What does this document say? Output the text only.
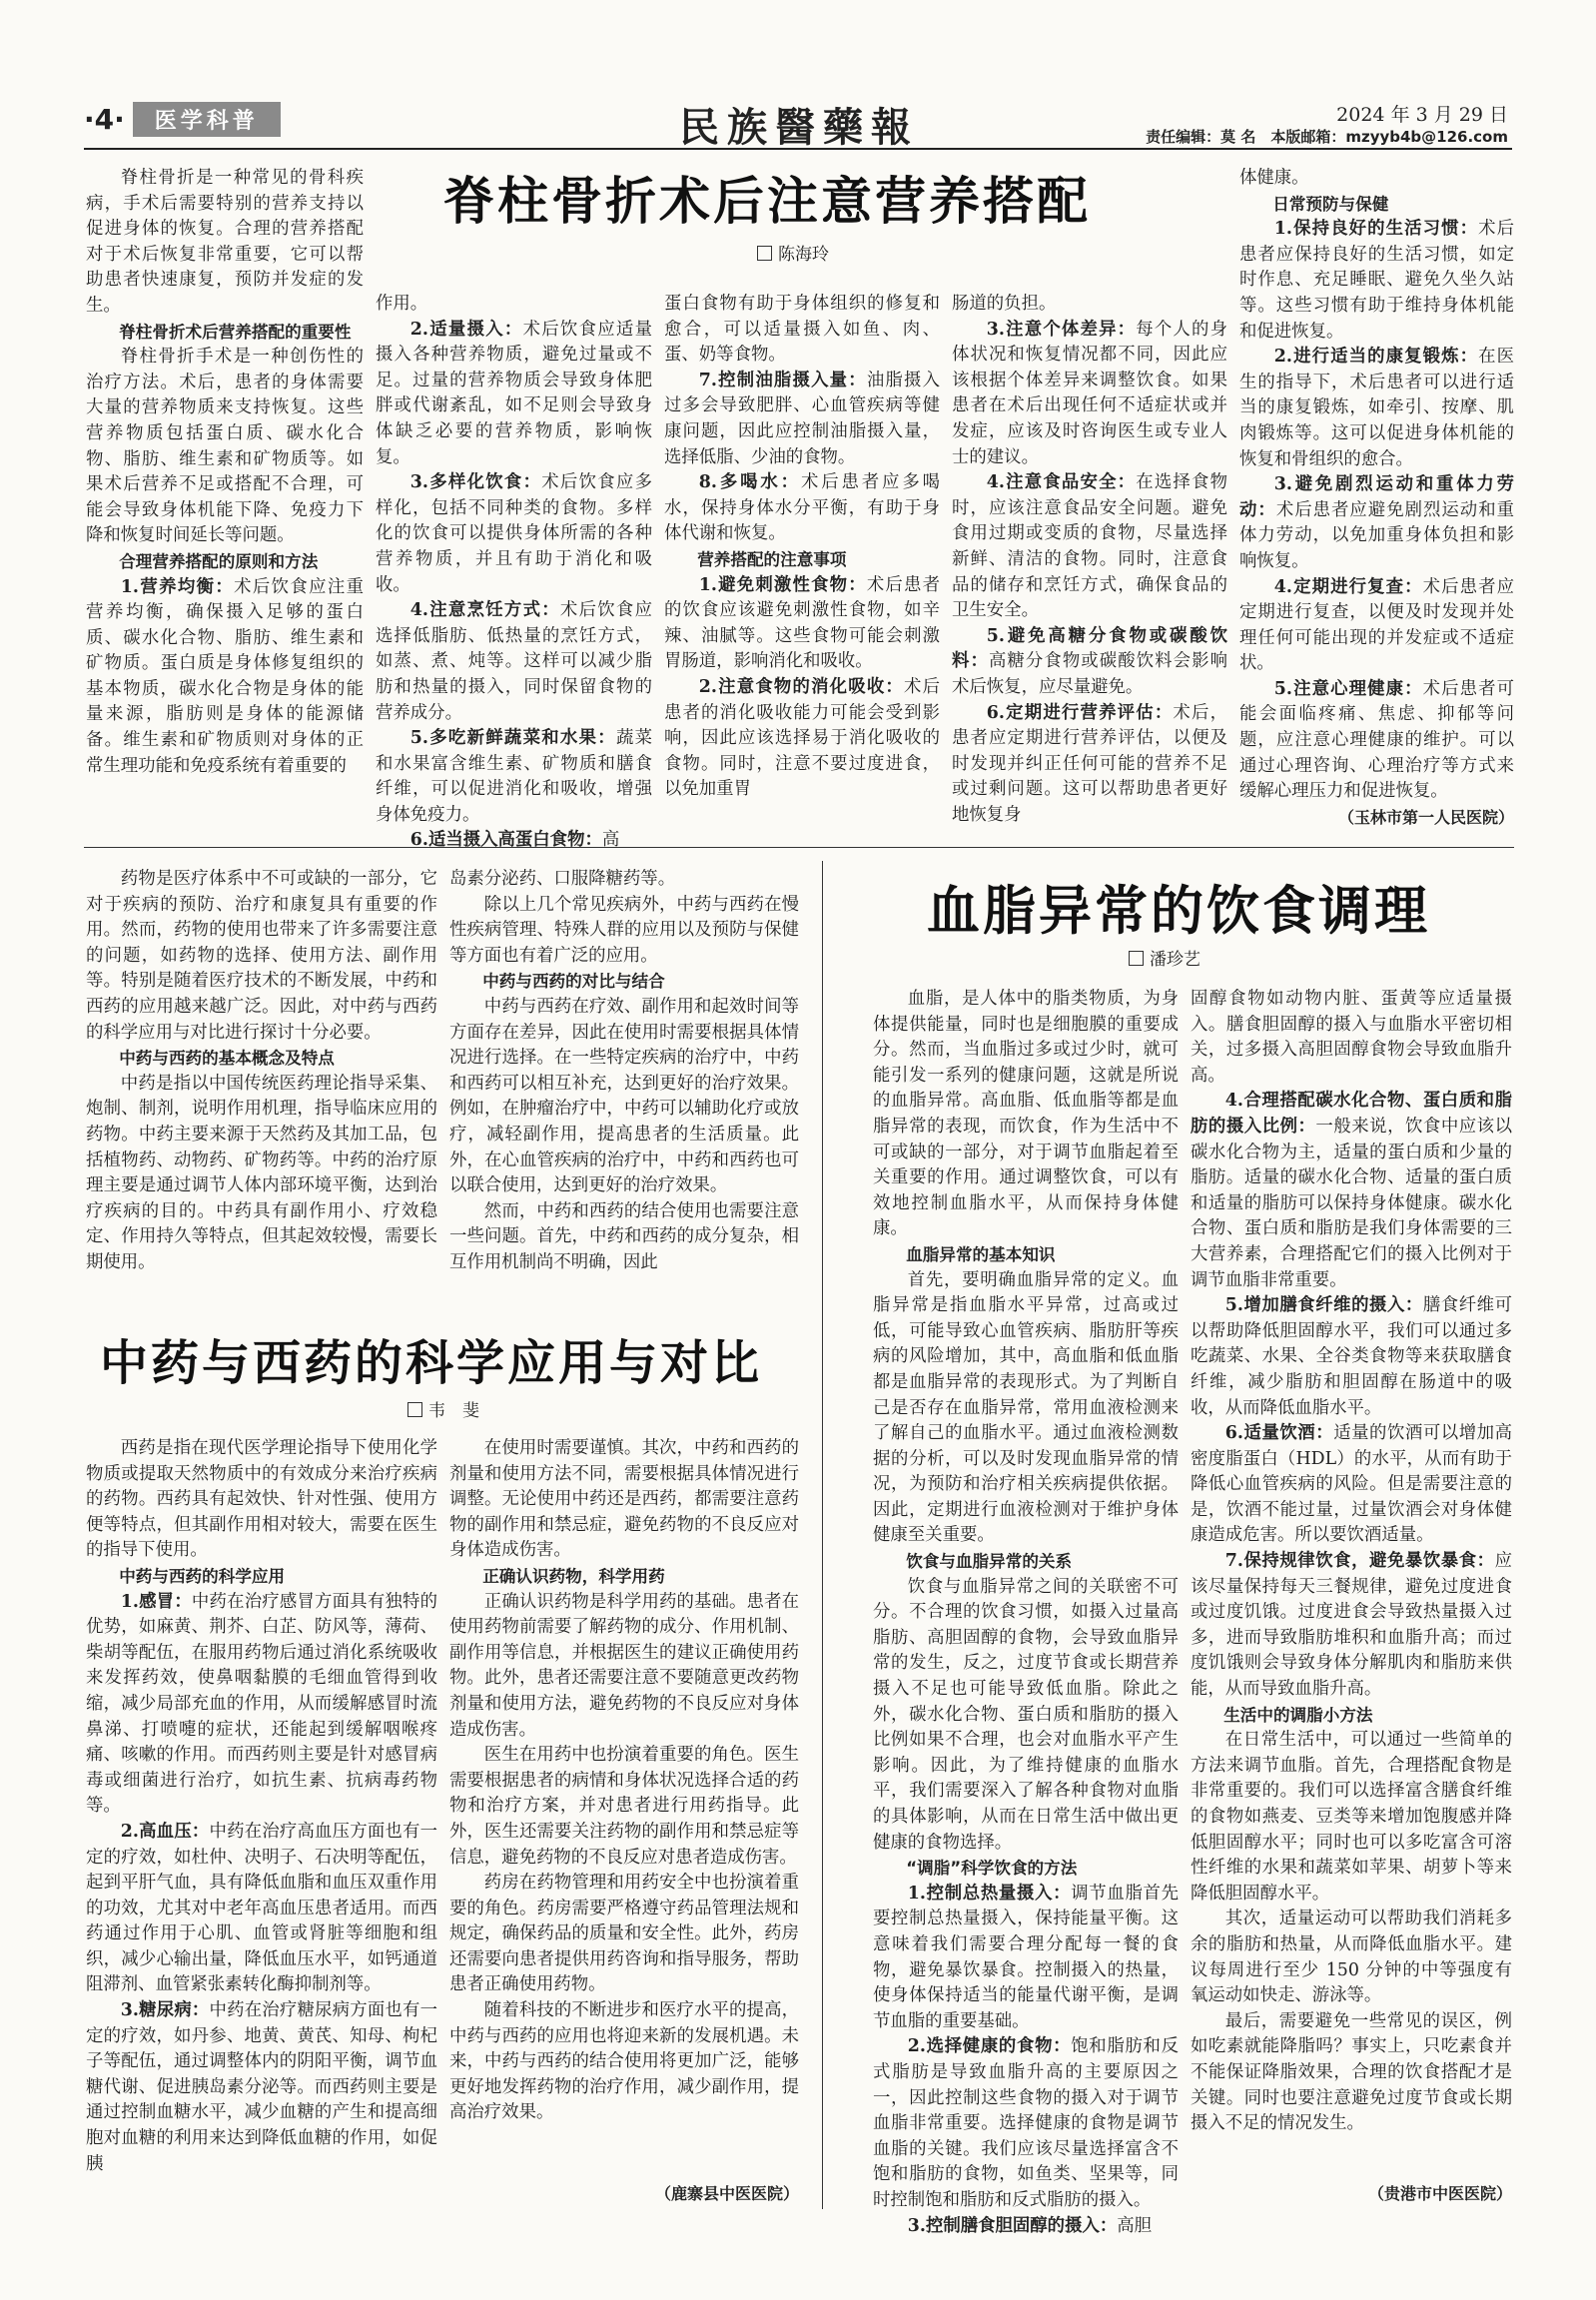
·4·	医学科普	民族醫藥報	2024 年 3 月 29 日
责任编辑：莫 名　本版邮箱：mzyyb4b@126.com
脊柱骨折术后注意营养搭配
陈海玲

脊柱骨折是一种常见的骨科疾病，手术后需要特别的营养支持以促进身体的恢复。合理的营养搭配对于术后恢复非常重要，它可以帮助患者快速康复，预防并发症的发生。

脊柱骨折术后营养搭配的重要性

脊柱骨折手术是一种创伤性的治疗方法。术后，患者的身体需要大量的营养物质来支持恢复。这些营养物质包括蛋白质、碳水化合物、脂肪、维生素和矿物质等。如果术后营养不足或搭配不合理，可能会导致身体机能下降、免疫力下降和恢复时间延长等问题。

合理营养搭配的原则和方法

1.营养均衡：术后饮食应注重营养均衡，确保摄入足够的蛋白质、碳水化合物、脂肪、维生素和矿物质。蛋白质是身体修复组织的基本物质，碳水化合物是身体的能量来源，脂肪则是身体的能源储备。维生素和矿物质则对身体的正常生理功能和免疫系统有着重要的

作用。

2.适量摄入：术后饮食应适量摄入各种营养物质，避免过量或不足。过量的营养物质会导致身体肥胖或代谢紊乱，如不足则会导致身体缺乏必要的营养物质，影响恢复。

3.多样化饮食：术后饮食应多样化，包括不同种类的食物。多样化的饮食可以提供身体所需的各种营养物质，并且有助于消化和吸收。

4.注意烹饪方式：术后饮食应选择低脂肪、低热量的烹饪方式，如蒸、煮、炖等。这样可以减少脂肪和热量的摄入，同时保留食物的营养成分。

5.多吃新鲜蔬菜和水果：蔬菜和水果富含维生素、矿物质和膳食纤维，可以促进消化和吸收，增强身体免疫力。

6.适当摄入高蛋白食物：高

蛋白食物有助于身体组织的修复和愈合，可以适量摄入如鱼、肉、蛋、奶等食物。

7.控制油脂摄入量：油脂摄入过多会导致肥胖、心血管疾病等健康问题，因此应控制油脂摄入量，选择低脂、少油的食物。

8.多喝水：术后患者应多喝水，保持身体水分平衡，有助于身体代谢和恢复。

营养搭配的注意事项

1.避免刺激性食物：术后患者的饮食应该避免刺激性食物，如辛辣、油腻等。这些食物可能会刺激胃肠道，影响消化和吸收。

2.注意食物的消化吸收：术后患者的消化吸收能力可能会受到影响，因此应该选择易于消化吸收的食物。同时，注意不要过度进食，以免加重胃

肠道的负担。

3.注意个体差异：每个人的身体状况和恢复情况都不同，因此应该根据个体差异来调整饮食。如果患者在术后出现任何不适症状或并发症，应该及时咨询医生或专业人士的建议。

4.注意食品安全：在选择食物时，应该注意食品安全问题。避免食用过期或变质的食物，尽量选择新鲜、清洁的食物。同时，注意食品的储存和烹饪方式，确保食品的卫生安全。

5.避免高糖分食物或碳酸饮料：高糖分食物或碳酸饮料会影响术后恢复，应尽量避免。

6.定期进行营养评估：术后，患者应定期进行营养评估，以便及时发现并纠正任何可能的营养不足或过剩问题。这可以帮助患者更好地恢复身

体健康。

日常预防与保健

1.保持良好的生活习惯：术后患者应保持良好的生活习惯，如定时作息、充足睡眠、避免久坐久站等。这些习惯有助于维持身体机能和促进恢复。

2.进行适当的康复锻炼：在医生的指导下，术后患者可以进行适当的康复锻炼，如牵引、按摩、肌肉锻炼等。这可以促进身体机能的恢复和骨组织的愈合。

3.避免剧烈运动和重体力劳动：术后患者应避免剧烈运动和重体力劳动，以免加重身体负担和影响恢复。

4.定期进行复查：术后患者应定期进行复查，以便及时发现并处理任何可能出现的并发症或不适症状。

5.注意心理健康：术后患者可能会面临疼痛、焦虑、抑郁等问题，应注意心理健康的维护。可以通过心理咨询、心理治疗等方式来缓解心理压力和促进恢复。

（玉林市第一人民医院）

药物是医疗体系中不可或缺的一部分，它对于疾病的预防、治疗和康复具有重要的作用。然而，药物的使用也带来了许多需要注意的问题，如药物的选择、使用方法、副作用等。特别是随着医疗技术的不断发展，中药和西药的应用越来越广泛。因此，对中药与西药的科学应用与对比进行探讨十分必要。

中药与西药的基本概念及特点

中药是指以中国传统医药理论指导采集、炮制、制剂，说明作用机理，指导临床应用的药物。中药主要来源于天然药及其加工品，包括植物药、动物药、矿物药等。中药的治疗原理主要是通过调节人体内部环境平衡，达到治疗疾病的目的。中药具有副作用小、疗效稳定、作用持久等特点，但其起效较慢，需要长期使用。

岛素分泌药、口服降糖药等。

除以上几个常见疾病外，中药与西药在慢性疾病管理、特殊人群的应用以及预防与保健等方面也有着广泛的应用。

中药与西药的对比与结合

中药与西药在疗效、副作用和起效时间等方面存在差异，因此在使用时需要根据具体情况进行选择。在一些特定疾病的治疗中，中药和西药可以相互补充，达到更好的治疗效果。例如，在肿瘤治疗中，中药可以辅助化疗或放疗，减轻副作用，提高患者的生活质量。此外，在心血管疾病的治疗中，中药和西药也可以联合使用，达到更好的治疗效果。

然而，中药和西药的结合使用也需要注意一些问题。首先，中药和西药的成分复杂，相互作用机制尚不明确，因此

中药与西药的科学应用与对比
韦　斐

西药是指在现代医学理论指导下使用化学物质或提取天然物质中的有效成分来治疗疾病的药物。西药具有起效快、针对性强、使用方便等特点，但其副作用相对较大，需要在医生的指导下使用。

中药与西药的科学应用

1.感冒：中药在治疗感冒方面具有独特的优势，如麻黄、荆芥、白芷、防风等，薄荷、柴胡等配伍，在服用药物后通过消化系统吸收来发挥药效，使鼻咽黏膜的毛细血管得到收缩，减少局部充血的作用，从而缓解感冒时流鼻涕、打喷嚏的症状，还能起到缓解咽喉疼痛、咳嗽的作用。而西药则主要是针对感冒病毒或细菌进行治疗，如抗生素、抗病毒药物等。

2.高血压：中药在治疗高血压方面也有一定的疗效，如杜仲、决明子、石决明等配伍，起到平肝气血，具有降低血脂和血压双重作用的功效，尤其对中老年高血压患者适用。而西药通过作用于心肌、血管或肾脏等细胞和组织，减少心输出量，降低血压水平，如钙通道阻滞剂、血管紧张素转化酶抑制剂等。

3.糖尿病：中药在治疗糖尿病方面也有一定的疗效，如丹参、地黄、黄芪、知母、枸杞子等配伍，通过调整体内的阴阳平衡，调节血糖代谢、促进胰岛素分泌等。而西药则主要是通过控制血糖水平，减少血糖的产生和提高细胞对血糖的利用来达到降低血糖的作用，如促胰

在使用时需要谨慎。其次，中药和西药的剂量和使用方法不同，需要根据具体情况进行调整。无论使用中药还是西药，都需要注意药物的副作用和禁忌症，避免药物的不良反应对身体造成伤害。

正确认识药物，科学用药

正确认识药物是科学用药的基础。患者在使用药物前需要了解药物的成分、作用机制、副作用等信息，并根据医生的建议正确使用药物。此外，患者还需要注意不要随意更改药物剂量和使用方法，避免药物的不良反应对身体造成伤害。

医生在用药中也扮演着重要的角色。医生需要根据患者的病情和身体状况选择合适的药物和治疗方案，并对患者进行用药指导。此外，医生还需要关注药物的副作用和禁忌症等信息，避免药物的不良反应对患者造成伤害。

药房在药物管理和用药安全中也扮演着重要的角色。药房需要严格遵守药品管理法规和规定，确保药品的质量和安全性。此外，药房还需要向患者提供用药咨询和指导服务，帮助患者正确使用药物。

随着科技的不断进步和医疗水平的提高，中药与西药的应用也将迎来新的发展机遇。未来，中药与西药的结合使用将更加广泛，能够更好地发挥药物的治疗作用，减少副作用，提高治疗效果。

（鹿寨县中医医院）
血脂异常的饮食调理
潘珍艺

血脂，是人体中的脂类物质，为身体提供能量，同时也是细胞膜的重要成分。然而，当血脂过多或过少时，就可能引发一系列的健康问题，这就是所说的血脂异常。高血脂、低血脂等都是血脂异常的表现，而饮食，作为生活中不可或缺的一部分，对于调节血脂起着至关重要的作用。通过调整饮食，可以有效地控制血脂水平，从而保持身体健康。

血脂异常的基本知识

首先，要明确血脂异常的定义。血脂异常是指血脂水平异常，过高或过低，可能导致心血管疾病、脂肪肝等疾病的风险增加，其中，高血脂和低血脂都是血脂异常的表现形式。为了判断自己是否存在血脂异常，常用血液检测来了解自己的血脂水平。通过血液检测数据的分析，可以及时发现血脂异常的情况，为预防和治疗相关疾病提供依据。因此，定期进行血液检测对于维护身体健康至关重要。

饮食与血脂异常的关系

饮食与血脂异常之间的关联密不可分。不合理的饮食习惯，如摄入过量高脂肪、高胆固醇的食物，会导致血脂异常的发生，反之，过度节食或长期营养摄入不足也可能导致低血脂。除此之外，碳水化合物、蛋白质和脂肪的摄入比例如果不合理，也会对血脂水平产生影响。因此，为了维持健康的血脂水平，我们需要深入了解各种食物对血脂的具体影响，从而在日常生活中做出更健康的食物选择。

“调脂”科学饮食的方法

1.控制总热量摄入：调节血脂首先要控制总热量摄入，保持能量平衡。这意味着我们需要合理分配每一餐的食物，避免暴饮暴食。控制摄入的热量，使身体保持适当的能量代谢平衡，是调节血脂的重要基础。

2.选择健康的食物：饱和脂肪和反式脂肪是导致血脂升高的主要原因之一，因此控制这些食物的摄入对于调节血脂非常重要。选择健康的食物是调节血脂的关键。我们应该尽量选择富含不饱和脂肪的食物，如鱼类、坚果等，同时控制饱和脂肪和反式脂肪的摄入。

3.控制膳食胆固醇的摄入：高胆

固醇食物如动物内脏、蛋黄等应适量摄入。膳食胆固醇的摄入与血脂水平密切相关，过多摄入高胆固醇食物会导致血脂升高。

4.合理搭配碳水化合物、蛋白质和脂肪的摄入比例：一般来说，饮食中应该以碳水化合物为主，适量的蛋白质和少量的脂肪。适量的碳水化合物、适量的蛋白质和适量的脂肪可以保持身体健康。碳水化合物、蛋白质和脂肪是我们身体需要的三大营养素，合理搭配它们的摄入比例对于调节血脂非常重要。

5.增加膳食纤维的摄入：膳食纤维可以帮助降低胆固醇水平，我们可以通过多吃蔬菜、水果、全谷类食物等来获取膳食纤维，减少脂肪和胆固醇在肠道中的吸收，从而降低血脂水平。

6.适量饮酒：适量的饮酒可以增加高密度脂蛋白（HDL）的水平，从而有助于降低心血管疾病的风险。但是需要注意的是，饮酒不能过量，过量饮酒会对身体健康造成危害。所以要饮酒适量。

7.保持规律饮食，避免暴饮暴食：应该尽量保持每天三餐规律，避免过度进食或过度饥饿。过度进食会导致热量摄入过多，进而导致脂肪堆积和血脂升高；而过度饥饿则会导致身体分解肌肉和脂肪来供能，从而导致血脂升高。

生活中的调脂小方法

在日常生活中，可以通过一些简单的方法来调节血脂。首先，合理搭配食物是非常重要的。我们可以选择富含膳食纤维的食物如燕麦、豆类等来增加饱腹感并降低胆固醇水平；同时也可以多吃富含可溶性纤维的水果和蔬菜如苹果、胡萝卜等来降低胆固醇水平。

其次，适量运动可以帮助我们消耗多余的脂肪和热量，从而降低血脂水平。建议每周进行至少 150 分钟的中等强度有氧运动如快走、游泳等。

最后，需要避免一些常见的误区，例如吃素就能降脂吗？事实上，只吃素食并不能保证降脂效果，合理的饮食搭配才是关键。同时也要注意避免过度节食或长期摄入不足的情况发生。

（贵港市中医医院）
